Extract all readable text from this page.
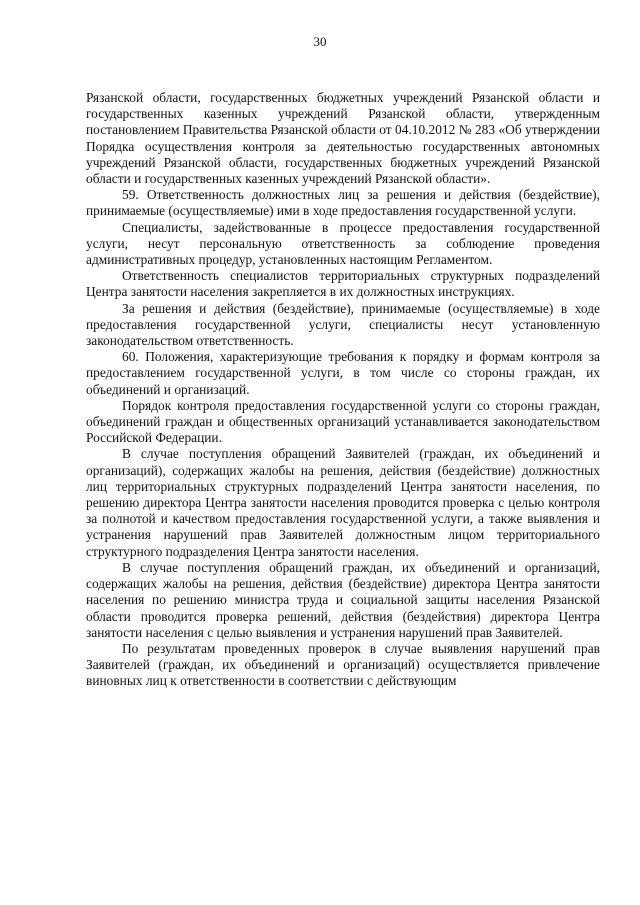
30

Рязанской области, государственных бюджетных учреждений Рязанской области и государственных казенных учреждений Рязанской области, утвержденным постановлением Правительства Рязанской области от 04.10.2012 № 283 «Об утверждении Порядка осуществления контроля за деятельностью государственных автономных учреждений Рязанской области, государственных бюджетных учреждений Рязанской области и государственных казенных учреждений Рязанской области».

59. Ответственность должностных лиц за решения и действия (бездействие), принимаемые (осуществляемые) ими в ходе предоставления государственной услуги.

Специалисты, задействованные в процессе предоставления государственной услуги, несут персональную ответственность за соблюдение проведения административных процедур, установленных настоящим Регламентом.

Ответственность специалистов территориальных структурных подразделений Центра занятости населения закрепляется в их должностных инструкциях.

За решения и действия (бездействие), принимаемые (осуществляемые) в ходе предоставления государственной услуги, специалисты несут установленную законодательством ответственность.

60. Положения, характеризующие требования к порядку и формам контроля за предоставлением государственной услуги, в том числе со стороны граждан, их объединений и организаций.

Порядок контроля предоставления государственной услуги со стороны граждан, объединений граждан и общественных организаций устанавливается законодательством Российской Федерации.

В случае поступления обращений Заявителей (граждан, их объединений и организаций), содержащих жалобы на решения, действия (бездействие) должностных лиц территориальных структурных подразделений Центра занятости населения, по решению директора Центра занятости населения проводится проверка с целью контроля за полнотой и качеством предоставления государственной услуги, а также выявления и устранения нарушений прав Заявителей должностным лицом территориального структурного подразделения Центра занятости населения.

В случае поступления обращений граждан, их объединений и организаций, содержащих жалобы на решения, действия (бездействие) директора Центра занятости населения по решению министра труда и социальной защиты населения Рязанской области проводится проверка решений, действия (бездействия) директора Центра занятости населения с целью выявления и устранения нарушений прав Заявителей.

По результатам проведенных проверок в случае выявления нарушений прав Заявителей (граждан, их объединений и организаций) осуществляется привлечение виновных лиц к ответственности в соответствии с действующим
